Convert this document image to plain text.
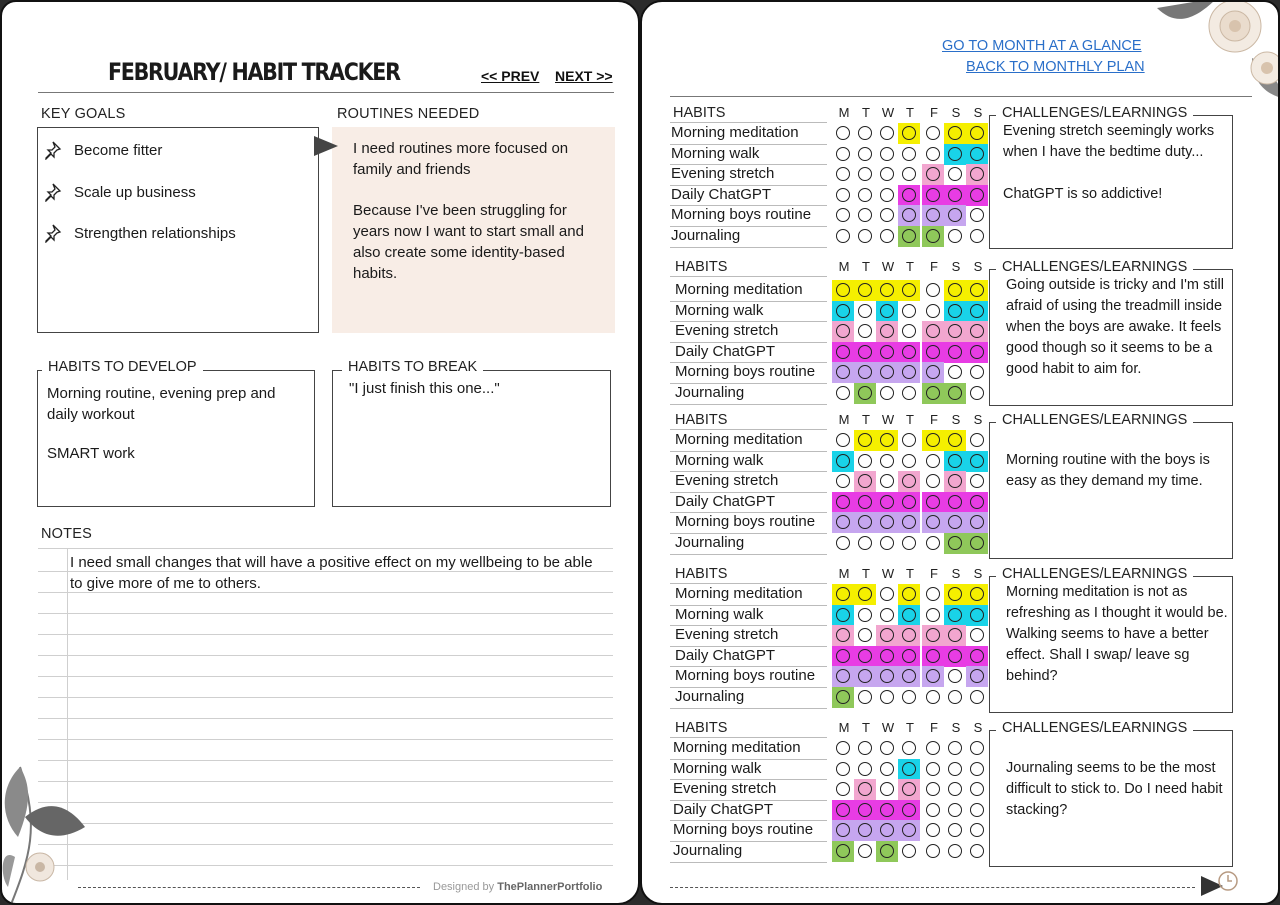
FEBRUARY/ HABIT TRACKER	<< PREV NEXT >>
KEY GOALS
Become fitter
Scale up business
Strengthen relationships
ROUTINES NEEDED
I need routines more focused on family and friends
Because I've been struggling for years now I want to start small and also create some identity-based habits.
HABITS TO DEVELOP
Morning routine, evening prep and daily workout
SMART work
HABITS TO BREAK
"I just finish this one..."
NOTES
I need small changes that will have a positive effect on my wellbeing to be able to give more of me to others.
Designed by ThePlannerPortfolio
GO TO MONTH AT A GLANCE
BACK TO MONTHLY PLAN
HABITS	M T W T	F	S	S	CHALLENGES/LEARNINGS
Evening stretch seemingly works when I have the bedtime duty...

ChatGPT is so addictive!
Morning meditation
Morning walk
Evening stretch
Daily ChatGPT
Morning boys routine
Journaling
HABITS	M T W T	F	S	S	CHALLENGES/LEARNINGS
Going outside is tricky and I'm still afraid of using the treadmill inside when the boys are awake. It feels good though so it seems to be a good habit to aim for.
Morning meditation
Morning walk
Evening stretch
Daily ChatGPT
Morning boys routine
Journaling
HABITS	M T W T	F	S	S	CHALLENGES/LEARNINGS
Morning routine with the boys is easy as they demand my time.
Morning meditation
Morning walk
Evening stretch
Daily ChatGPT
Morning boys routine
Journaling
HABITS	M T W T	F	S	S	CHALLENGES/LEARNINGS
Morning meditation is not as refreshing as I thought it would be. Walking seems to have a better effect. Shall I swap/ leave sg behind?
Morning meditation
Morning walk
Evening stretch
Daily ChatGPT
Morning boys routine
Journaling
HABITS	M T W T	F	S	S	CHALLENGES/LEARNINGS
Journaling seems to be the most difficult to stick to. Do I need habit stacking?
Morning meditation
Morning walk
Evening stretch
Daily ChatGPT
Morning boys routine
Journaling
